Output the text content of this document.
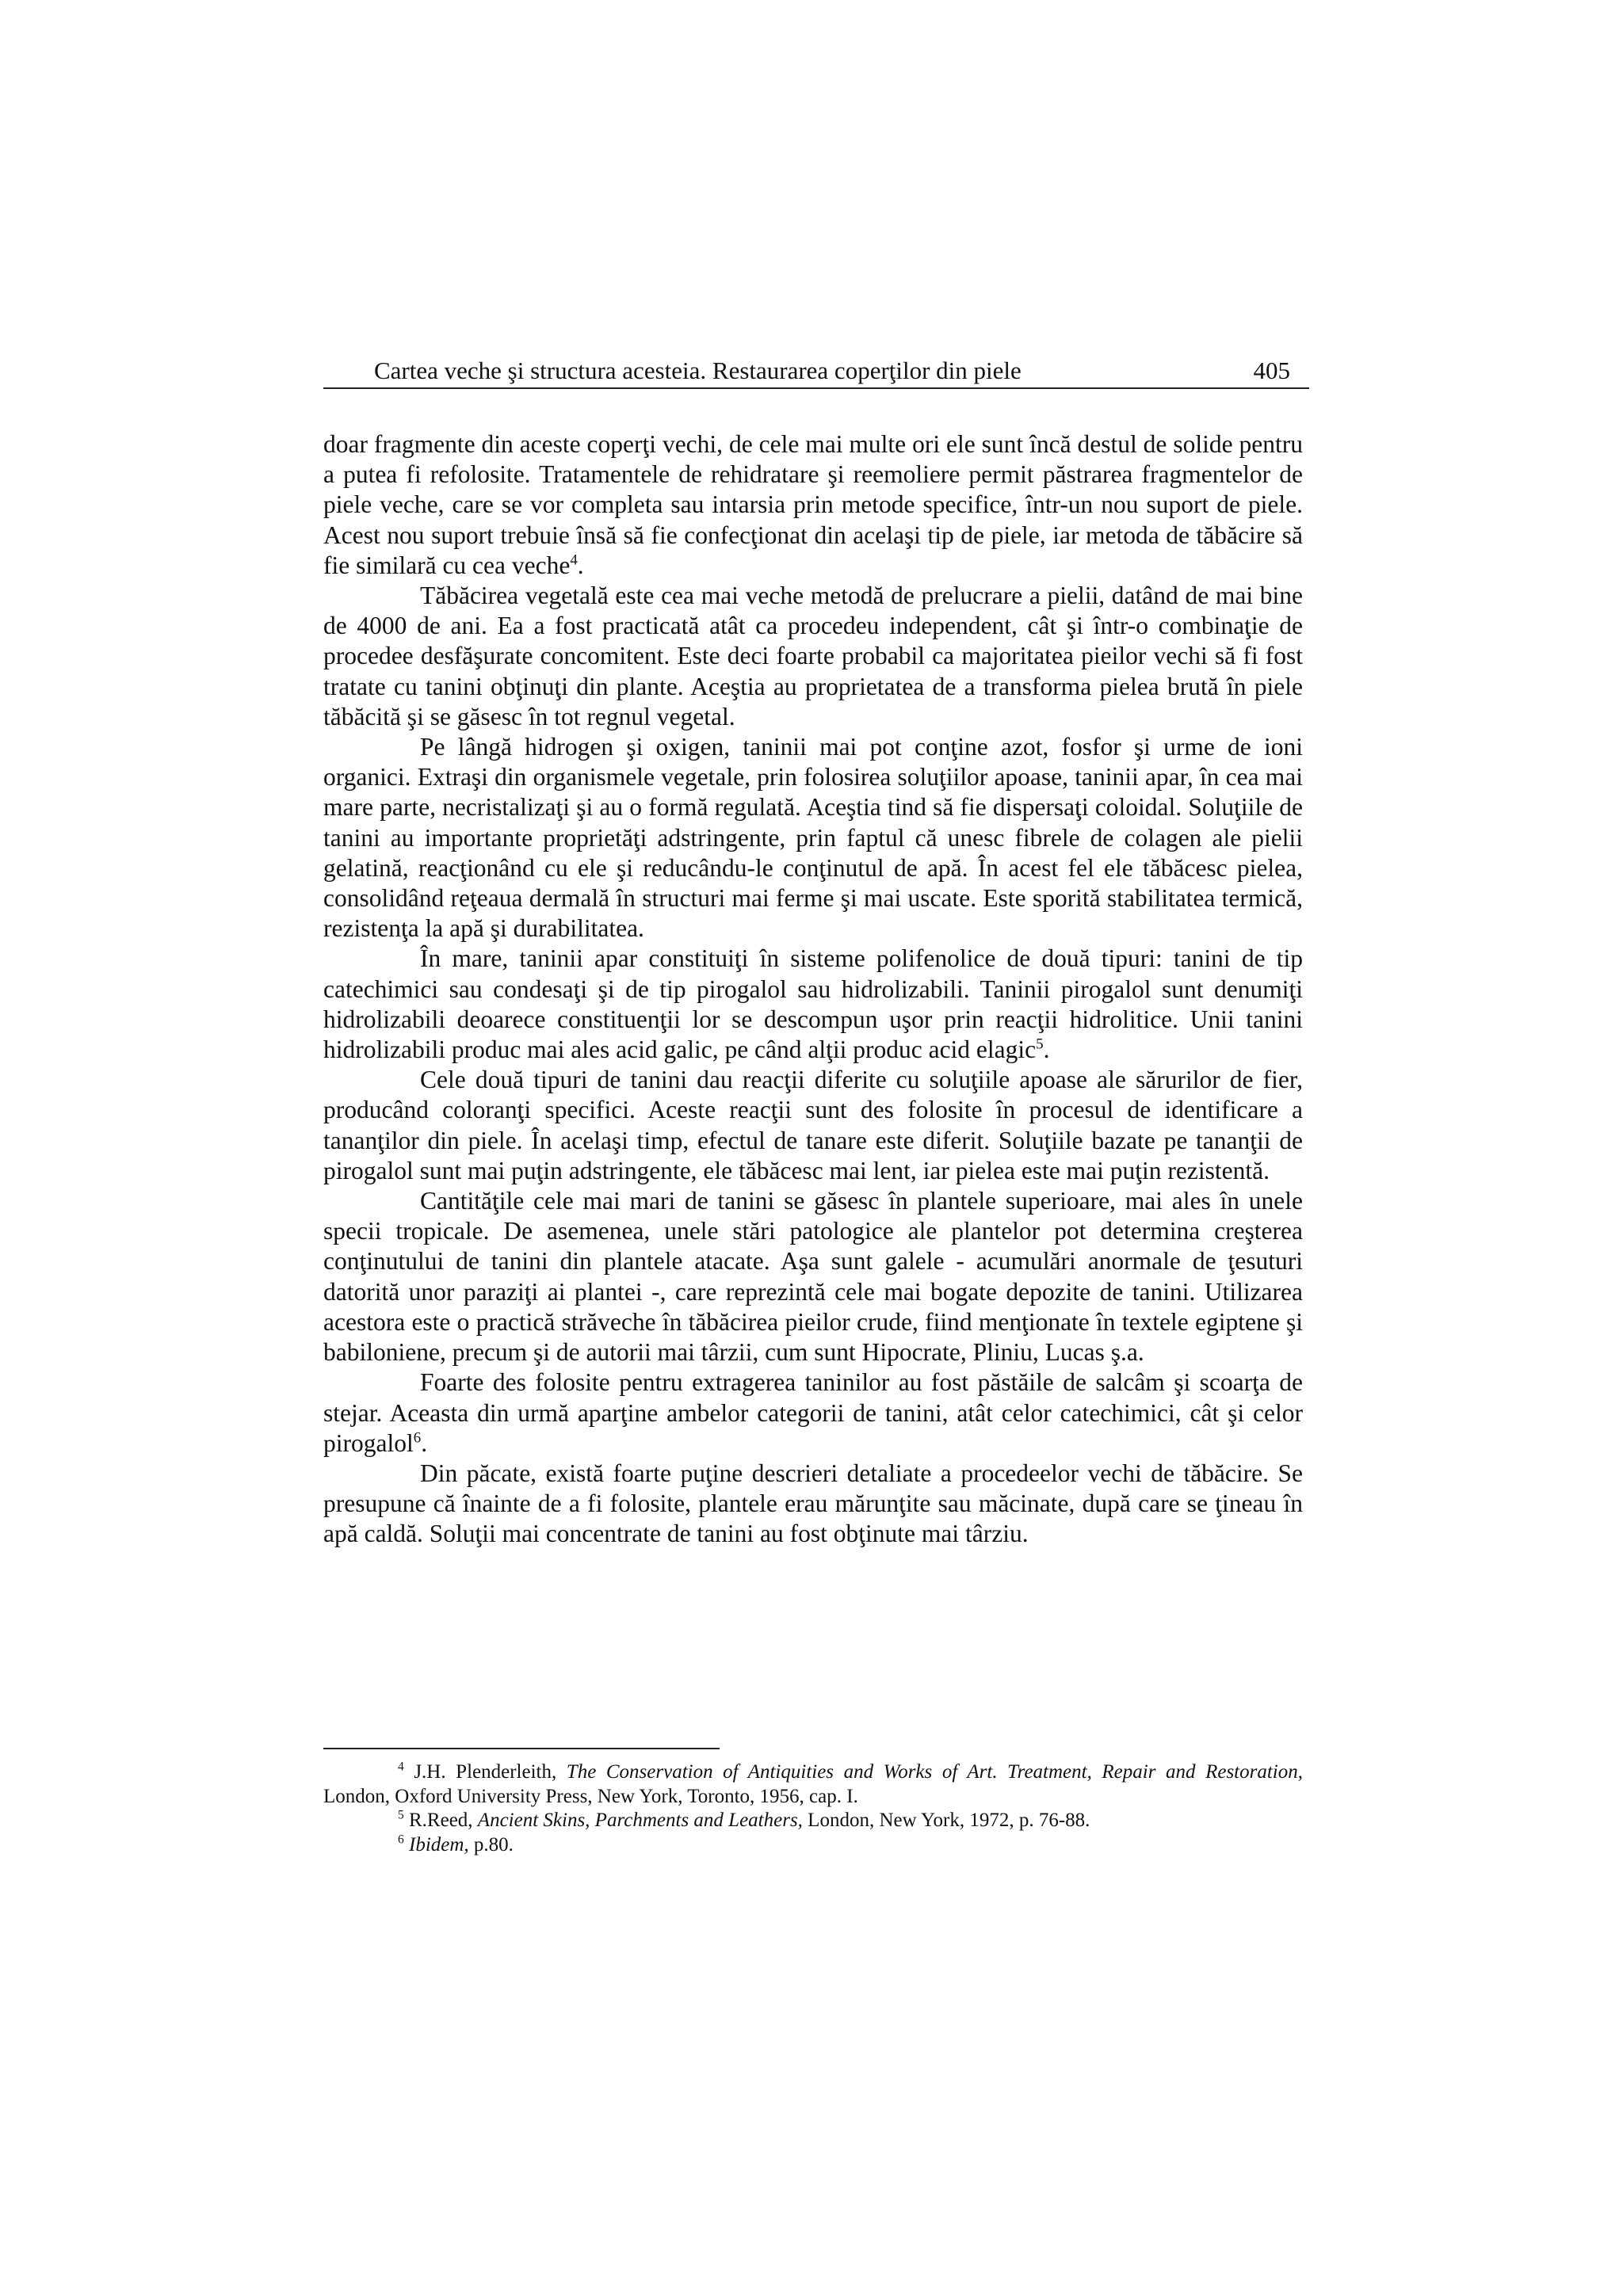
Cartea veche şi structura acesteia. Restaurarea coperţilor din piele	405

doar fragmente din aceste coperţi vechi, de cele mai multe ori ele sunt încă destul de solide pentru a putea fi refolosite. Tratamentele de rehidratare şi reemoliere permit păstrarea fragmentelor de piele veche, care se vor completa sau intarsia prin metode specifice, într-un nou suport de piele. Acest nou suport trebuie însă să fie confecţionat din acelaşi tip de piele, iar metoda de tăbăcire să fie similară cu cea veche$^4$.

Tăbăcirea vegetală este cea mai veche metodă de prelucrare a pielii, datând de mai bine de 4000 de ani. Ea a fost practicată atât ca procedeu independent, cât şi într-o combinaţie de procedee desfăşurate concomitent. Este deci foarte probabil ca majoritatea pieilor vechi să fi fost tratate cu tanini obţinuţi din plante. Aceştia au proprietatea de a transforma pielea brută în piele tăbăcită şi se găsesc în tot regnul vegetal.

Pe lângă hidrogen şi oxigen, taninii mai pot conţine azot, fosfor şi urme de ioni organici. Extraşi din organismele vegetale, prin folosirea soluţiilor apoase, taninii apar, în cea mai mare parte, necristalizaţi şi au o formă regulată. Aceştia tind să fie dispersaţi coloidal. Soluţiile de tanini au importante proprietăţi adstringente, prin faptul că unesc fibrele de colagen ale pielii gelatină, reacţionând cu ele şi reducându-le conţinutul de apă. În acest fel ele tăbăcesc pielea, consolidând reţeaua dermală în structuri mai ferme şi mai uscate. Este sporită stabilitatea termică, rezistenţa la apă şi durabilitatea.

În mare, taninii apar constituiţi în sisteme polifenolice de două tipuri: tanini de tip catechimici sau condesaţi şi de tip pirogalol sau hidrolizabili. Taninii pirogalol sunt denumiţi hidrolizabili deoarece constituenţii lor se descompun uşor prin reacţii hidrolitice. Unii tanini hidrolizabili produc mai ales acid galic, pe când alţii produc acid elagic$^5$.

Cele două tipuri de tanini dau reacţii diferite cu soluţiile apoase ale sărurilor de fier, producând coloranţi specifici. Aceste reacţii sunt des folosite în procesul de identificare a tananţilor din piele. În acelaşi timp, efectul de tanare este diferit. Soluţiile bazate pe tananţii de pirogalol sunt mai puţin adstringente, ele tăbăcesc mai lent, iar pielea este mai puţin rezistentă.

Cantităţile cele mai mari de tanini se găsesc în plantele superioare, mai ales în unele specii tropicale. De asemenea, unele stări patologice ale plantelor pot determina creşterea conţinutului de tanini din plantele atacate. Aşa sunt galele - acumulări anormale de ţesuturi datorită unor paraziţi ai plantei -, care reprezintă cele mai bogate depozite de tanini. Utilizarea acestora este o practică străveche în tăbăcirea pieilor crude, fiind menţionate în textele egiptene şi babiloniene, precum şi de autorii mai târzii, cum sunt Hipocrate, Pliniu, Lucas ş.a.

Foarte des folosite pentru extragerea taninilor au fost păstăile de salcâm şi scoarţa de stejar. Aceasta din urmă aparţine ambelor categorii de tanini, atât celor catechimici, cât şi celor pirogalol$^6$.

Din păcate, există foarte puţine descrieri detaliate a procedeelor vechi de tăbăcire. Se presupune că înainte de a fi folosite, plantele erau mărunţite sau măcinate, după care se ţineau în apă caldă. Soluţii mai concentrate de tanini au fost obţinute mai târziu.

$^4$ J.H. Plenderleith, The Conservation of Antiquities and Works of Art. Treatment, Repair and Restoration, London, Oxford University Press, New York, Toronto, 1956, cap. I.

$^5$ R.Reed, Ancient Skins, Parchments and Leathers, London, New York, 1972, p. 76-88.

$^6$ Ibidem, p.80.
